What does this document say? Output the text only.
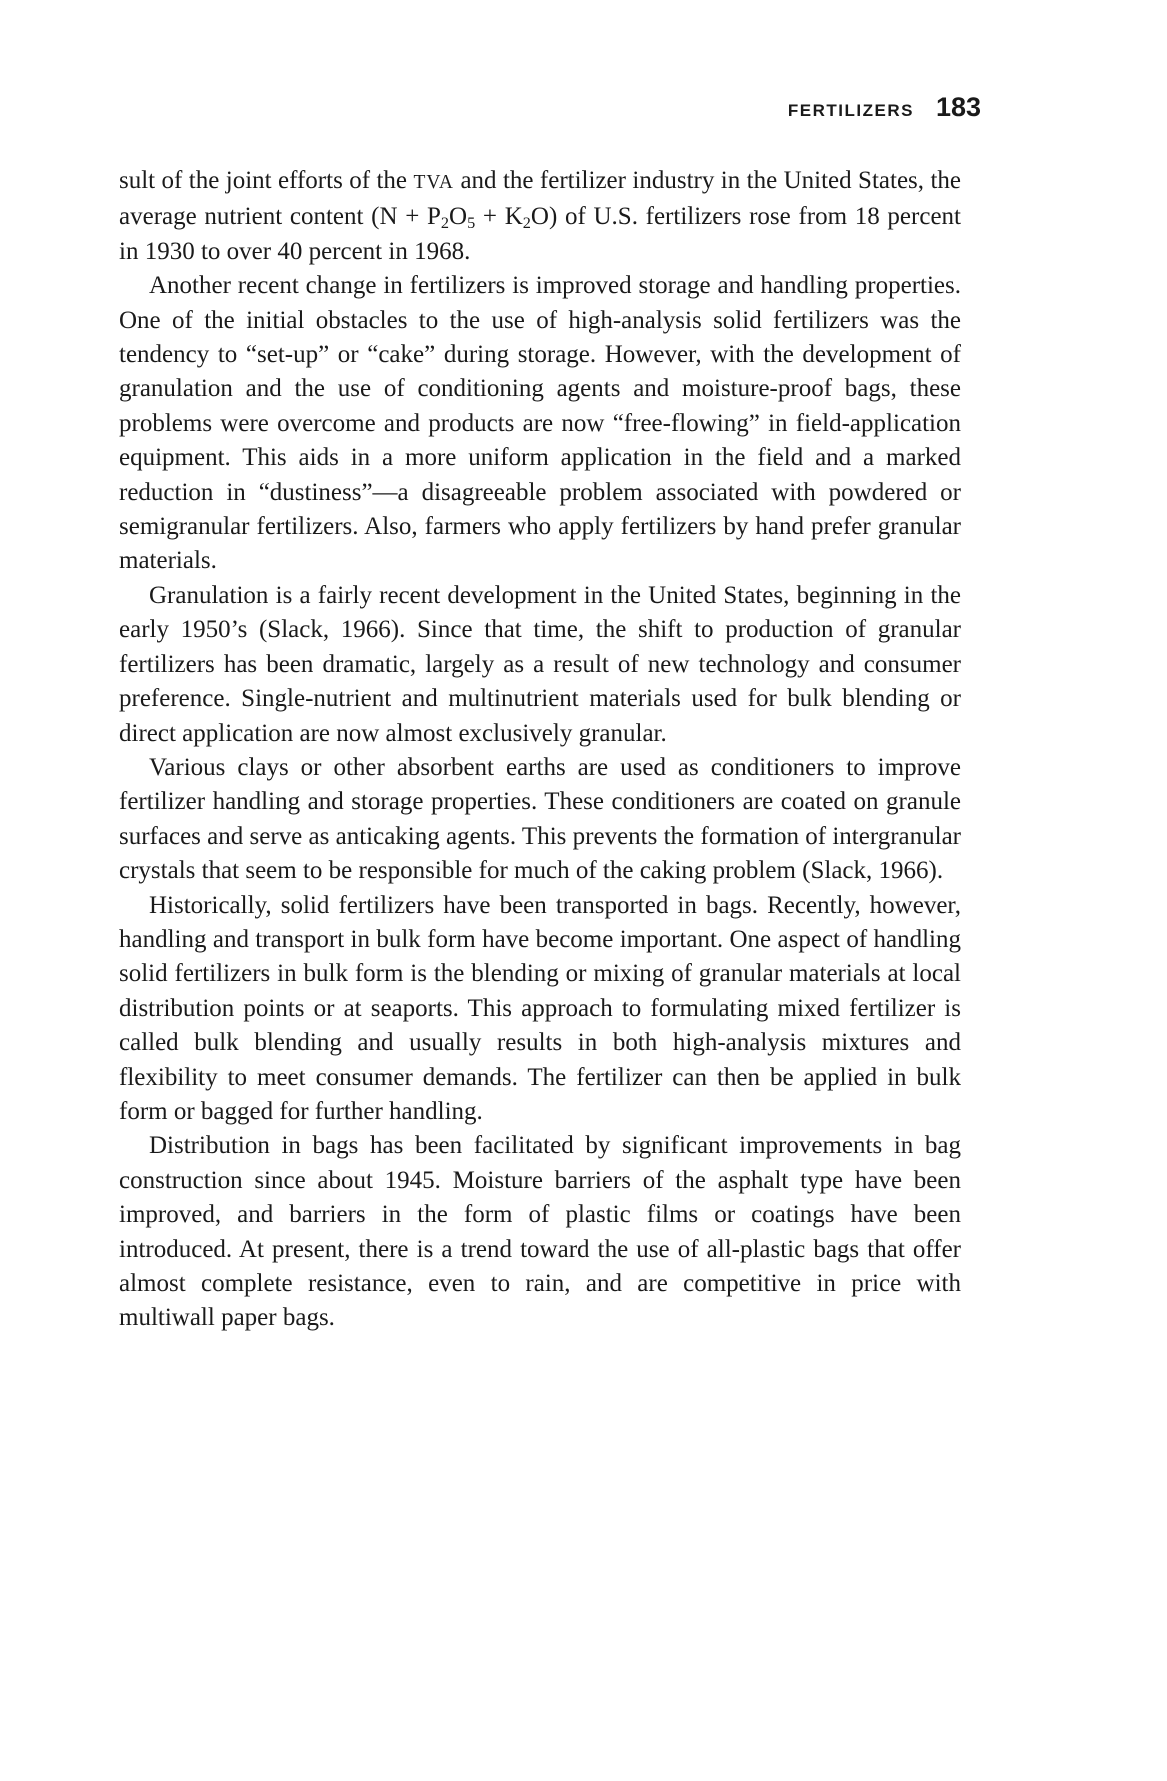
FERTILIZERS 183

sult of the joint efforts of the TVA and the fertilizer industry in the United States, the average nutrient content $(N + P_2O_5 + K_2O)$ of U.S. fertilizers rose from 18 percent in 1930 to over 40 percent in 1968.

Another recent change in fertilizers is improved storage and handling properties. One of the initial obstacles to the use of high-analysis solid fertilizers was the tendency to “set-up” or “cake” during storage. However, with the development of granulation and the use of conditioning agents and moisture-proof bags, these problems were overcome and products are now “free-flowing” in field-application equipment. This aids in a more uniform application in the field and a marked reduction in “dustiness”—a disagreeable problem associated with powdered or semigranular fertilizers. Also, farmers who apply fertilizers by hand prefer granular materials.

Granulation is a fairly recent development in the United States, beginning in the early 1950’s (Slack, 1966). Since that time, the shift to production of granular fertilizers has been dramatic, largely as a result of new technology and consumer preference. Single-nutrient and multinutrient materials used for bulk blending or direct application are now almost exclusively granular.

Various clays or other absorbent earths are used as conditioners to improve fertilizer handling and storage properties. These conditioners are coated on granule surfaces and serve as anticaking agents. This prevents the formation of intergranular crystals that seem to be responsible for much of the caking problem (Slack, 1966).

Historically, solid fertilizers have been transported in bags. Recently, however, handling and transport in bulk form have become important. One aspect of handling solid fertilizers in bulk form is the blending or mixing of granular materials at local distribution points or at seaports. This approach to formulating mixed fertilizer is called bulk blending and usually results in both high-analysis mixtures and flexibility to meet consumer demands. The fertilizer can then be applied in bulk form or bagged for further handling.

Distribution in bags has been facilitated by significant improvements in bag construction since about 1945. Moisture barriers of the asphalt type have been improved, and barriers in the form of plastic films or coatings have been introduced. At present, there is a trend toward the use of all-plastic bags that offer almost complete resistance, even to rain, and are competitive in price with multiwall paper bags.
